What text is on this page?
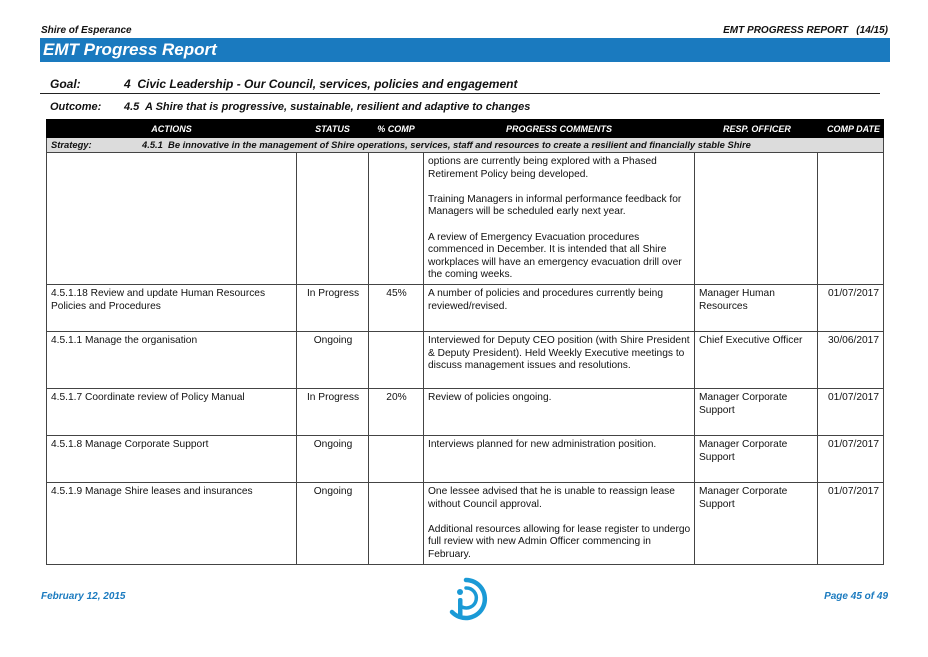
Shire of Esperance	EMT PROGRESS REPORT   (14/15)
EMT Progress Report
Goal:	4  Civic Leadership - Our Council, services, policies and engagement
Outcome: 4.5  A Shire that is progressive, sustainable, resilient and adaptive to changes
ACTIONS	STATUS	% COMP	PROGRESS COMMENTS	RESP. OFFICER	COMP DATE
Strategy: 4.5.1  Be innovative in the management of Shire operations, services, staff and resources to create a resilient and financially stable Shire					

			options are currently being explored with a Phased Retirement Policy being developed.

Training Managers in informal performance feedback for Managers will be scheduled early next year.

A review of Emergency Evacuation procedures commenced in December. It is intended that all Shire workplaces will have an emergency evacuation drill over the coming weeks.		

4.5.1.18 Review and update Human Resources Policies and Procedures	In Progress	45%	A number of policies and procedures currently being reviewed/revised.	Manager Human Resources	01/07/2017
4.5.1.1 Manage the organisation	Ongoing		Interviewed for Deputy CEO position (with Shire President & Deputy President). Held Weekly Executive meetings to discuss management issues and resolutions.	Chief Executive Officer	30/06/2017
4.5.1.7 Coordinate review of Policy Manual	In Progress	20%	Review of policies ongoing.	Manager Corporate Support	01/07/2017
4.5.1.8 Manage Corporate Support	Ongoing		Interviews planned for new administration position.	Manager Corporate Support	01/07/2017
4.5.1.9 Manage Shire leases and insurances	Ongoing		One lessee advised that he is unable to reassign lease without Council approval.

Additional resources allowing for lease register to undergo full review with new Admin Officer commencing in February.	Manager Corporate Support	01/07/2017
February 12, 2015	Page 45 of 49
